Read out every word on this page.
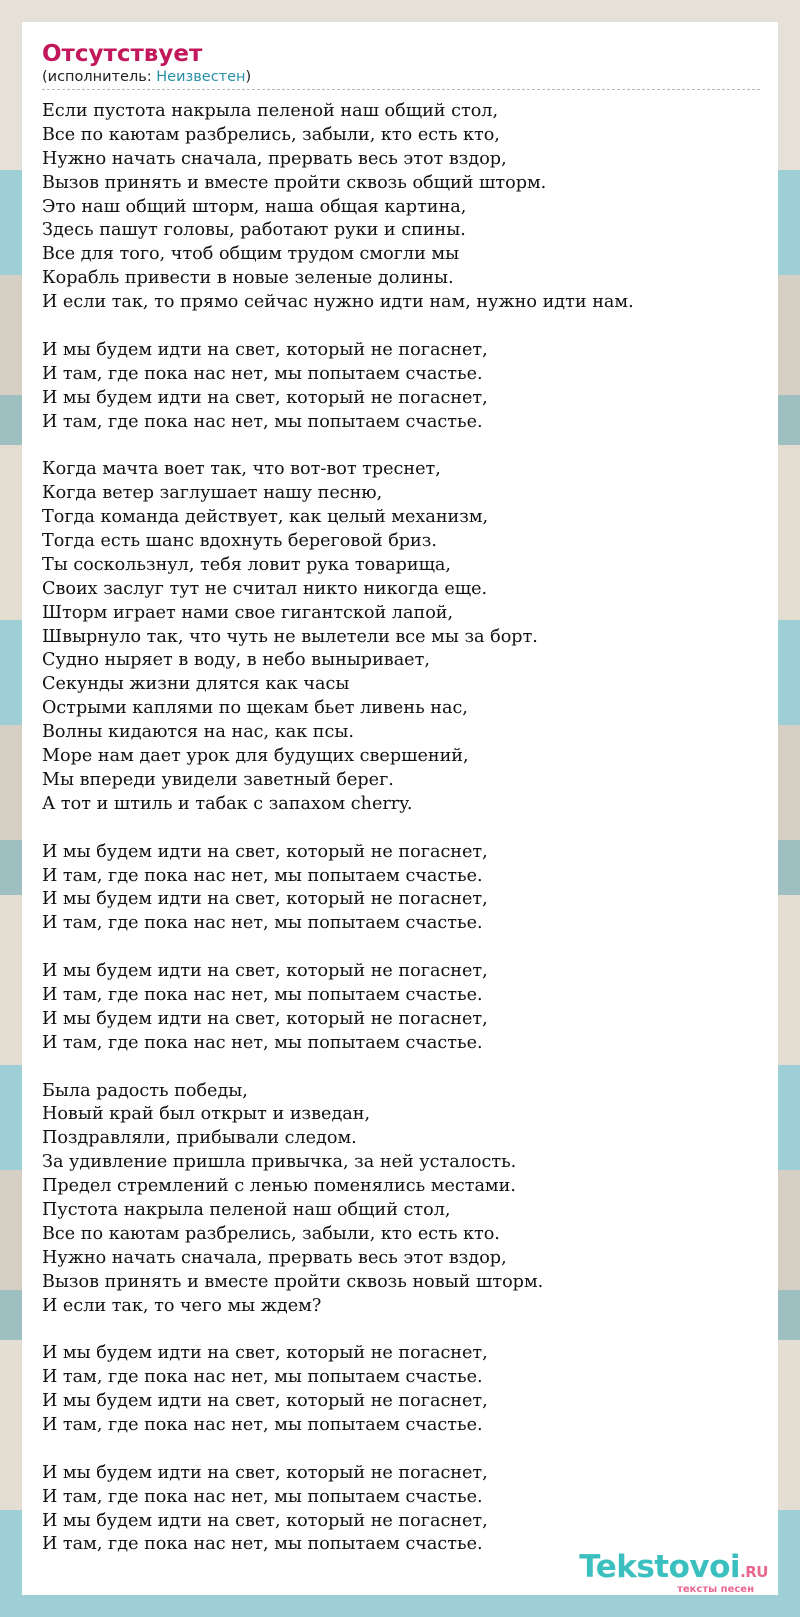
Отсутствует
(исполнитель: Неизвестен)
Если пустота накрыла пеленой наш общий стол,
Все по каютам разбрелись, забыли, кто есть кто,
Нужно начать сначала, прервать весь этот вздор,
Вызов принять и вместе пройти сквозь общий шторм.
Это наш общий шторм, наша общая картина,
Здесь пашут головы, работают руки и спины.
Все для того, чтоб общим трудом смогли мы
Корабль привести в новые зеленые долины.
И если так, то прямо сейчас нужно идти нам, нужно идти нам.
И мы будем идти на свет, который не погаснет,
И там, где пока нас нет, мы попытаем счастье.
И мы будем идти на свет, который не погаснет,
И там, где пока нас нет, мы попытаем счастье.
Когда мачта воет так, что вот-вот треснет,
Когда ветер заглушает нашу песню,
Тогда команда действует, как целый механизм,
Тогда есть шанс вдохнуть береговой бриз.
Ты соскользнул, тебя ловит рука товарища,
Своих заслуг тут не считал никто никогда еще.
Шторм играет нами свое гигантской лапой,
Швырнуло так, что чуть не вылетели все мы за борт.
Судно ныряет в воду, в небо выныривает,
Секунды жизни длятся как часы
Острыми каплями по щекам бьет ливень нас,
Волны кидаются на нас, как псы.
Море нам дает урок для будущих свершений,
Мы впереди увидели заветный берег.
А тот и штиль и табак с запахом cherry.
И мы будем идти на свет, который не погаснет,
И там, где пока нас нет, мы попытаем счастье.
И мы будем идти на свет, который не погаснет,
И там, где пока нас нет, мы попытаем счастье.
И мы будем идти на свет, который не погаснет,
И там, где пока нас нет, мы попытаем счастье.
И мы будем идти на свет, который не погаснет,
И там, где пока нас нет, мы попытаем счастье.
Была радость победы,
Новый край был открыт и изведан,
Поздравляли, прибывали следом.
За удивление пришла привычка, за ней усталость.
Предел стремлений с ленью поменялись местами.
Пустота накрыла пеленой наш общий стол,
Все по каютам разбрелись, забыли, кто есть кто.
Нужно начать сначала, прервать весь этот вздор,
Вызов принять и вместе пройти сквозь новый шторм.
И если так, то чего мы ждем?
И мы будем идти на свет, который не погаснет,
И там, где пока нас нет, мы попытаем счастье.
И мы будем идти на свет, который не погаснет,
И там, где пока нас нет, мы попытаем счастье.
И мы будем идти на свет, который не погаснет,
И там, где пока нас нет, мы попытаем счастье.
И мы будем идти на свет, который не погаснет,
И там, где пока нас нет, мы попытаем счастье.
Tekstovoi.RU
тексты песен
